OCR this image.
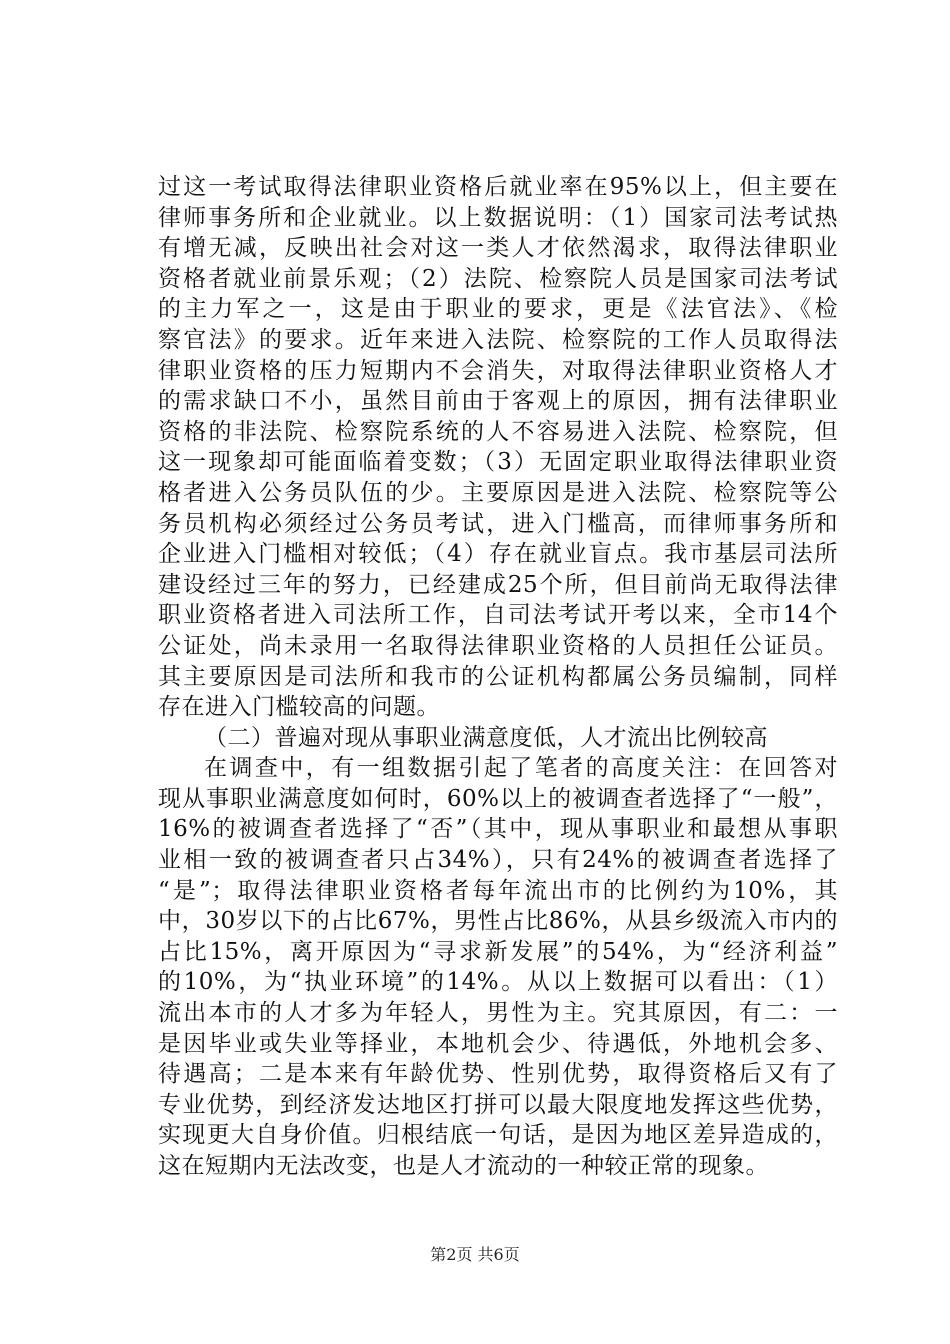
过这一考试取得法律职业资格后就业率在95%以上，但主要在
律师事务所和企业就业。以上数据说明：（1）国家司法考试热
有增无减，反映出社会对这一类人才依然渴求，取得法律职业
资格者就业前景乐观；（2）法院、检察院人员是国家司法考试
的主力军之一，这是由于职业的要求，更是《法官法》、《检
察官法》的要求。近年来进入法院、检察院的工作人员取得法
律职业资格的压力短期内不会消失，对取得法律职业资格人才
的需求缺口不小，虽然目前由于客观上的原因，拥有法律职业
资格的非法院、检察院系统的人不容易进入法院、检察院，但
这一现象却可能面临着变数；（3）无固定职业取得法律职业资
格者进入公务员队伍的少。主要原因是进入法院、检察院等公
务员机构必须经过公务员考试，进入门槛高，而律师事务所和
企业进入门槛相对较低；（4）存在就业盲点。我市基层司法所
建设经过三年的努力，已经建成25个所，但目前尚无取得法律
职业资格者进入司法所工作，自司法考试开考以来，全市14个
公证处，尚未录用一名取得法律职业资格的人员担任公证员。
其主要原因是司法所和我市的公证机构都属公务员编制，同样
存在进入门槛较高的问题。
（二）普遍对现从事职业满意度低，人才流出比例较高
在调查中，有一组数据引起了笔者的高度关注：在回答对
现从事职业满意度如何时，60%以上的被调查者选择了“一般”，
16%的被调查者选择了“否”（其中，现从事职业和最想从事职
业相一致的被调查者只占34%），只有24%的被调查者选择了
“是”；取得法律职业资格者每年流出市的比例约为10%，其
中，30岁以下的占比67%，男性占比86%，从县乡级流入市内的
占比15%，离开原因为“寻求新发展”的54%，为“经济利益”
的10%，为“执业环境”的14%。从以上数据可以看出：（1）
流出本市的人才多为年轻人，男性为主。究其原因，有二：一
是因毕业或失业等择业，本地机会少、待遇低，外地机会多、
待遇高；二是本来有年龄优势、性别优势，取得资格后又有了
专业优势，到经济发达地区打拼可以最大限度地发挥这些优势，
实现更大自身价值。归根结底一句话，是因为地区差异造成的，
这在短期内无法改变，也是人才流动的一种较正常的现象。
第2页 共6页
